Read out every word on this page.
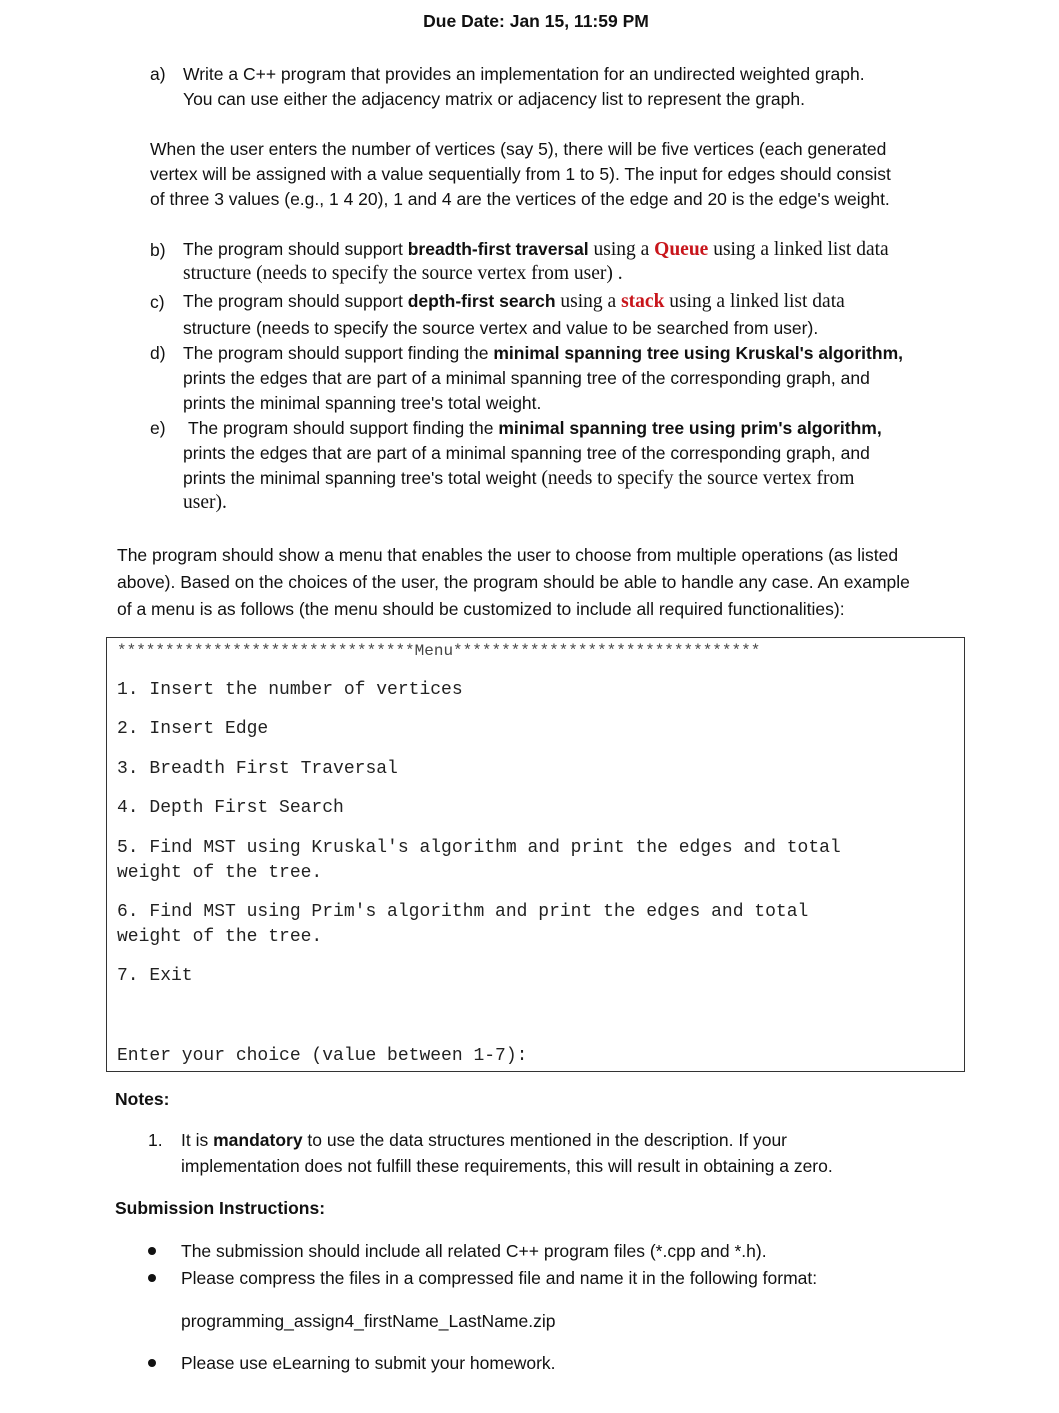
Due Date: Jan 15, 11:59 PM
a) Write a C++ program that provides an implementation for an undirected weighted graph.
You can use either the adjacency matrix or adjacency list to represent the graph.
When the user enters the number of vertices (say 5), there will be five vertices (each generated
vertex will be assigned with a value sequentially from 1 to 5). The input for edges should consist
of three 3 values (e.g., 1 4 20), 1 and 4 are the vertices of the edge and 20 is the edge's weight.
b) The program should support breadth-first traversal using a Queue using a linked list data
structure (needs to specify the source vertex from user) .
c) The program should support depth-first search using a stack using a linked list data
structure (needs to specify the source vertex and value to be searched from user).
d) The program should support finding the minimal spanning tree using Kruskal's algorithm,
prints the edges that are part of a minimal spanning tree of the corresponding graph, and
prints the minimal spanning tree's total weight.
e) The program should support finding the minimal spanning tree using prim's algorithm,
prints the edges that are part of a minimal spanning tree of the corresponding graph, and
prints the minimal spanning tree's total weight (needs to specify the source vertex from
user).
The program should show a menu that enables the user to choose from multiple operations (as listed
above). Based on the choices of the user, the program should be able to handle any case. An example
of a menu is as follows (the menu should be customized to include all required functionalities):
*******************************Menu********************************
1. Insert the number of vertices
2. Insert Edge
3. Breadth First Traversal
4. Depth First Search
5. Find MST using Kruskal's algorithm and print the edges and total
weight of the tree.
6. Find MST using Prim's algorithm and print the edges and total
weight of the tree.
7. Exit
Enter your choice (value between 1-7):
Notes:
1. It is mandatory to use the data structures mentioned in the description. If your
implementation does not fulfill these requirements, this will result in obtaining a zero.
Submission Instructions:
The submission should include all related C++ program files (*.cpp and *.h).
Please compress the files in a compressed file and name it in the following format:
programming_assign4_firstName_LastName.zip
Please use eLearning to submit your homework.
